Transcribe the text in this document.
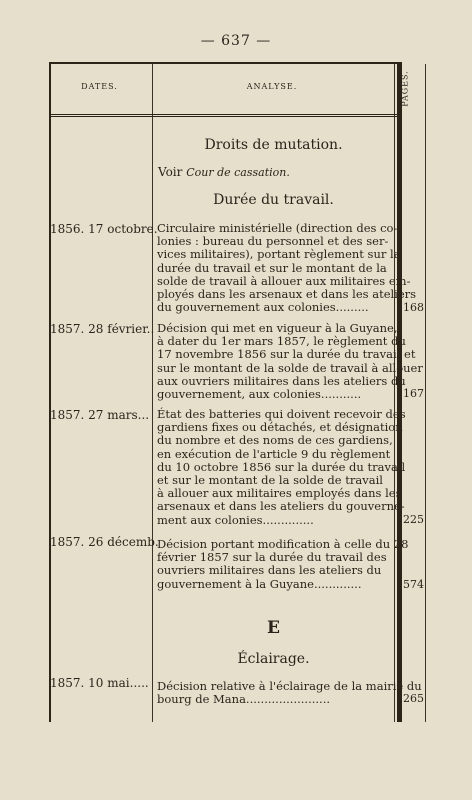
— 637 —
DATES.	ANALYSE.	PAGES.
Droits de mutation.
Voir Cour de cassation.
Durée du travail.
1856. 17 octobre. Circulaire ministérielle (direction des co-
lonies : bureau du personnel et des ser-
vices militaires), portant règlement sur la
durée du travail et sur le montant de la
solde de travail à allouer aux militaires em-
ployés dans les arsenaux et dans les ateliers
du gouvernement aux colonies.........	168
1857. 28 février.. Décision qui met en vigueur à la Guyane,
à dater du 1er mars 1857, le règlement du
17 novembre 1856 sur la durée du travail et
sur le montant de la solde de travail à allouer
aux ouvriers militaires dans les ateliers du
gouvernement, aux colonies...........	167
1857. 27 mars... État des batteries qui doivent recevoir des
gardiens fixes ou détachés, et désignation
du nombre et des noms de ces gardiens,
en exécution de l'article 9 du règlement
du 10 octobre 1856 sur la durée du travail
et sur le montant de la solde de travail
à allouer aux militaires employés dans les
arsenaux et dans les ateliers du gouverne-
ment aux colonies..............	225
1857. 26 décemb.
Décision portant modification à celle du 28
février 1857 sur la durée du travail des
ouvriers militaires dans les ateliers du
gouvernement à la Guyane.............	574
E
Éclairage.
1857. 10 mai..... Décision relative à l'éclairage de la mairie du
bourg de Mana.......................	265
